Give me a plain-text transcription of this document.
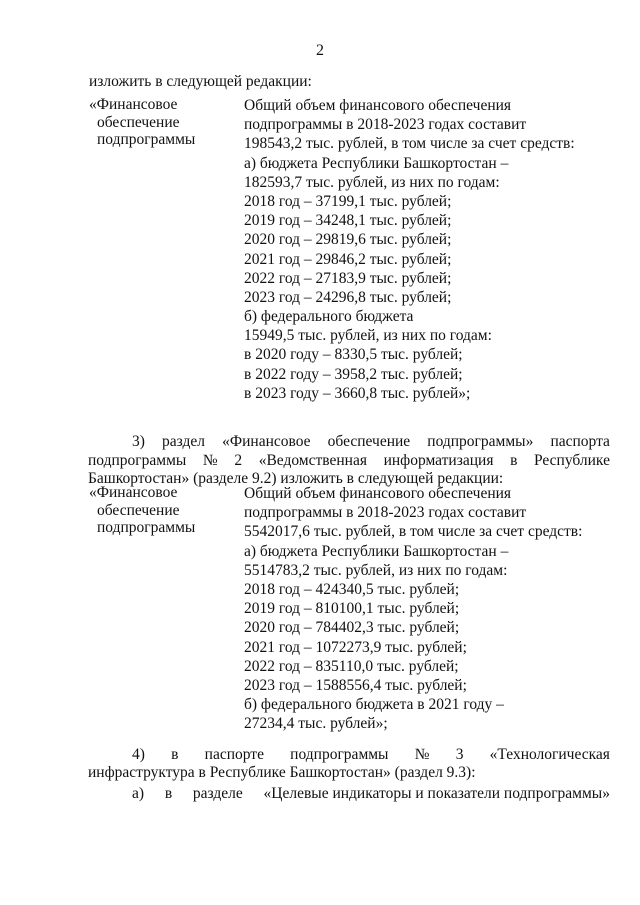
2
изложить в следующей редакции:
«Финансовое
обеспечение
подпрограммы
Общий объем финансового обеспечения
подпрограммы в 2018-2023 годах составит
198543,2 тыс. рублей, в том числе за счет средств:
а) бюджета Республики Башкортостан –
182593,7 тыс. рублей, из них по годам:
2018 год – 37199,1 тыс. рублей;
2019 год – 34248,1 тыс. рублей;
2020 год – 29819,6 тыс. рублей;
2021 год – 29846,2 тыс. рублей;
2022 год – 27183,9 тыс. рублей;
2023 год – 24296,8 тыс. рублей;
б) федерального бюджета
15949,5 тыс. рублей, из них по годам:
в 2020 году – 8330,5 тыс. рублей;
в 2022 году – 3958,2 тыс. рублей;
в 2023 году – 3660,8 тыс. рублей»;
3) раздел «Финансовое обеспечение подпрограммы» паспорта
подпрограммы № 2 «Ведомственная информатизация в Республике
Башкортостан» (разделе 9.2) изложить в следующей редакции:
«Финансовое
обеспечение
подпрограммы
Общий объем финансового обеспечения
подпрограммы в 2018-2023 годах составит
5542017,6 тыс. рублей, в том числе за счет средств:
а) бюджета Республики Башкортостан –
5514783,2 тыс. рублей, из них по годам:
2018 год – 424340,5 тыс. рублей;
2019 год – 810100,1 тыс. рублей;
2020 год – 784402,3 тыс. рублей;
2021 год – 1072273,9 тыс. рублей;
2022 год – 835110,0 тыс. рублей;
2023 год – 1588556,4 тыс. рублей;
б) федерального бюджета в 2021 году –
27234,4 тыс. рублей»;
4) в паспорте подпрограммы № 3 «Технологическая
инфраструктура в Республике Башкортостан» (раздел 9.3):
а) в разделе «Целевые индикаторы и показатели подпрограммы»
